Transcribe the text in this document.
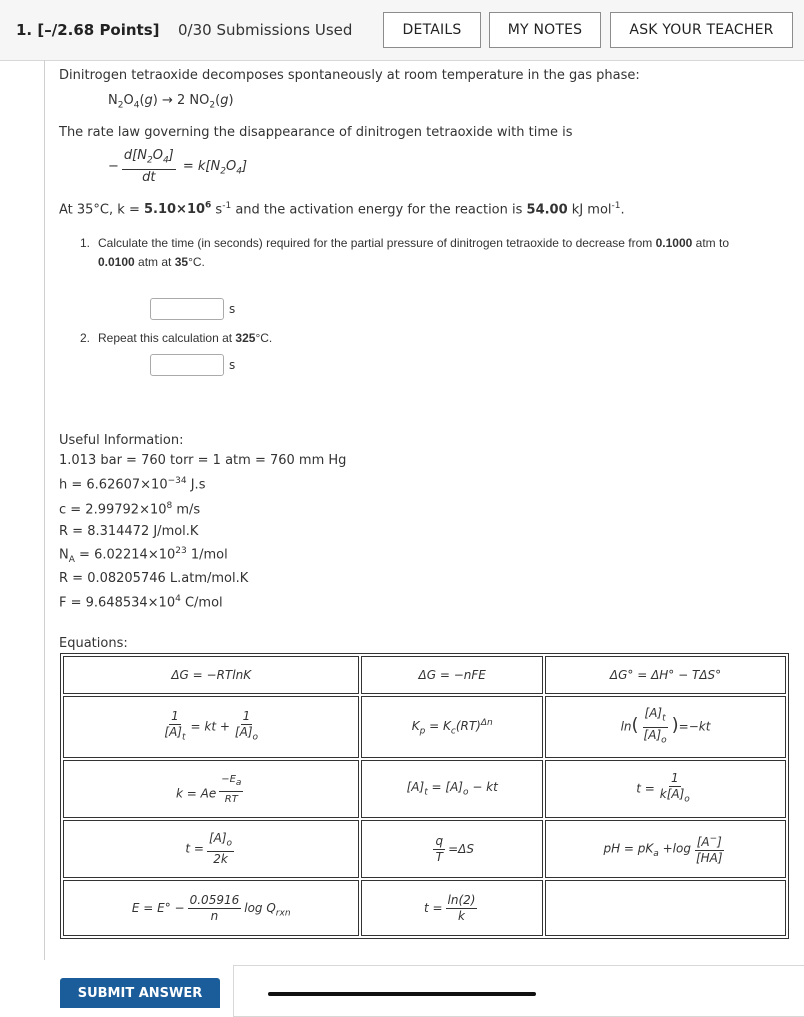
1. [–/2.68 Points] 0/30 Submissions Used	DETAILS	MY NOTES	ASK YOUR TEACHER
Dinitrogen tetraoxide decomposes spontaneously at room temperature in the gas phase:
$N_2O_4(g) \to 2$ $NO_2(g)$
The rate law governing the disappearance of dinitrogen tetraoxide with time is
− $\frac{d[N_2O_4]}{dt} = k[N_2O_4]$
At 35°C, $k = 5.10\times 10^6$ $s^{-1}$ and the activation energy for the reaction is 54.00 kJ mol$^{-1}$.
1. Calculate the time (in seconds) required for the partial pressure of dinitrogen tetraoxide to decrease from 0.1000 atm to
0.0100 atm at 35°C.
s
2. Repeat this calculation at 325°C.
s
Useful Information:
1.013 bar = 760 torr = 1 atm = 760 mm Hg
$h = 6.62607\times 10^{-34}$ J.s
$c = 2.99792\times 10^8$ m/s
R = 8.314472 J/mol.K
$N_A = 6.02214\times 10^{23}$ 1/mol
R = 0.08205746 L.atm/mol.K
$F = 9.648534\times 10^4$ C/mol
Equations:
ΔG = −RTlnK	ΔG = −nFE	ΔG° = ΔH° − TΔS°

$\frac{1}{[A]_t}$ = kt + $\frac{1}{[A]_o}$	$K_p = K_c(RT)^{\Delta n}$	$\ln( \frac{[A]_t}{[A]_o} )=-kt$
k = Ae $^{\frac{-E_a}{RT}}$	$[A]_t = [A]_o$ − kt	$t = \frac{1}{k[A]_o}$

$t = \frac{[A]_o}{2k}$	$\frac{q}{T} =\Delta S$	pH = $pK_a +\log \frac{[A^-]}{[HA]}$

$E = E^\circ - \frac{0.05916}{n}$ $\log Q_{rxn}$	$t = \frac{\ln(2)}{k}$

SUBMIT ANSWER
